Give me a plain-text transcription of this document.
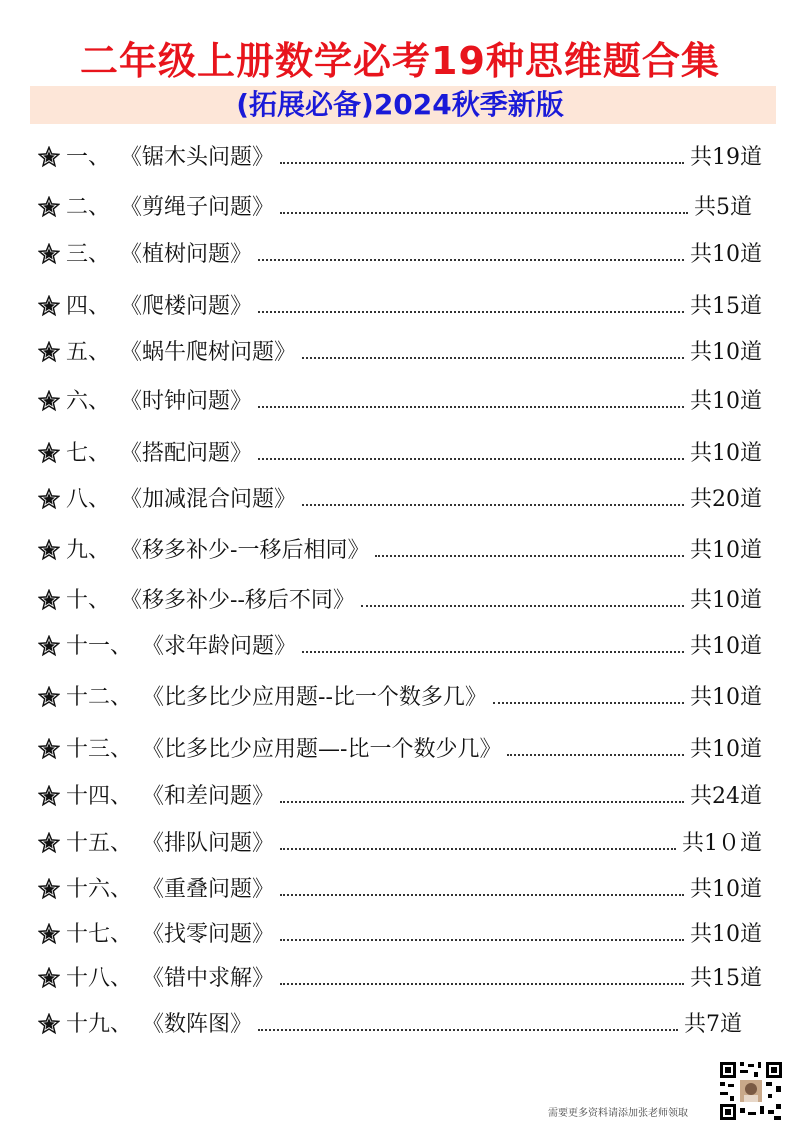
二年级上册数学必考19种思维题合集
(拓展必备)2024秋季新版
一、 《锯木头问题》	共19道
二、 《剪绳子问题》	共5道
三、 《植树问题》	共10道
四、 《爬楼问题》	共15道
五、 《蜗牛爬树问题》	共10道
六、 《时钟问题》	共10道
七、 《搭配问题》	共10道
八、 《加减混合问题》	共20道
九、 《移多补少-一移后相同》	共10道
十、 《移多补少--移后不同》	共10道
十一、 《求年龄问题》	共10道
十二、 《比多比少应用题--比一个数多几》	共10道
十三、 《比多比少应用题—-比一个数少几》	共10道
十四、 《和差问题》	共24道
十五、 《排队问题》	共1０道
十六、 《重叠问题》	共10道
十七、 《找零问题》	共10道
十八、 《错中求解》	共15道
十九、 《数阵图》	共7道
需要更多资料请添加张老师领取
